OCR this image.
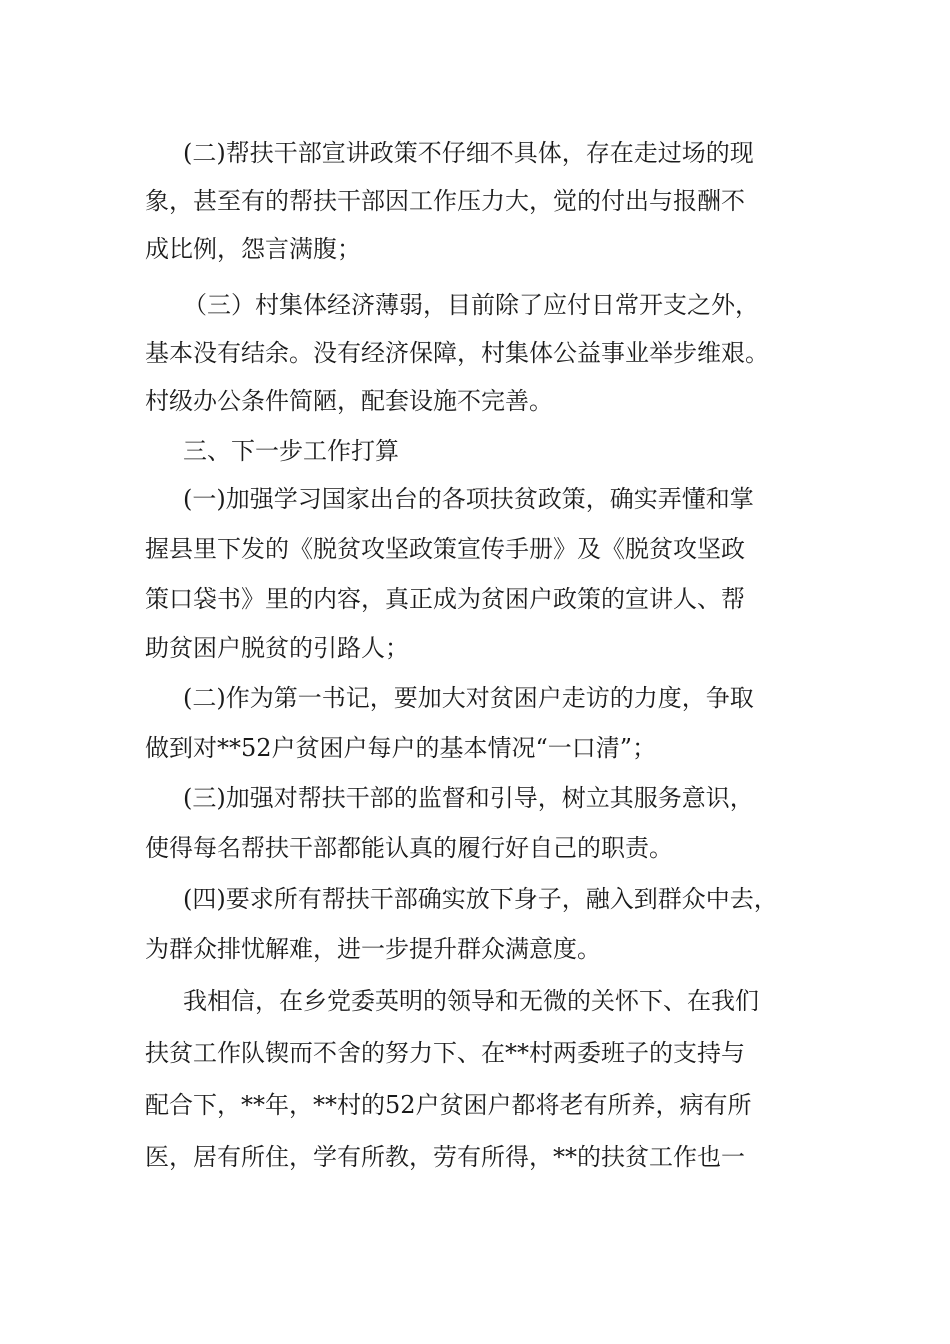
(二)帮扶干部宣讲政策不仔细不具体，存在走过场的现
象，甚至有的帮扶干部因工作压力大，觉的付出与报酬不
成比例，怨言满腹；
（三）村集体经济薄弱，目前除了应付日常开支之外，
基本没有结余。没有经济保障，村集体公益事业举步维艰。
村级办公条件简陋，配套设施不完善。
三、下一步工作打算
(一)加强学习国家出台的各项扶贫政策，确实弄懂和掌
握县里下发的《脱贫攻坚政策宣传手册》及《脱贫攻坚政
策口袋书》里的内容，真正成为贫困户政策的宣讲人、帮
助贫困户脱贫的引路人；
(二)作为第一书记，要加大对贫困户走访的力度，争取
做到对**52户贫困户每户的基本情况“一口清”；
(三)加强对帮扶干部的监督和引导，树立其服务意识，
使得每名帮扶干部都能认真的履行好自己的职责。
(四)要求所有帮扶干部确实放下身子，融入到群众中去，
为群众排忧解难，进一步提升群众满意度。
我相信，在乡党委英明的领导和无微的关怀下、在我们
扶贫工作队锲而不舍的努力下、在**村两委班子的支持与
配合下，**年，**村的52户贫困户都将老有所养，病有所
医，居有所住，学有所教，劳有所得，**的扶贫工作也一
